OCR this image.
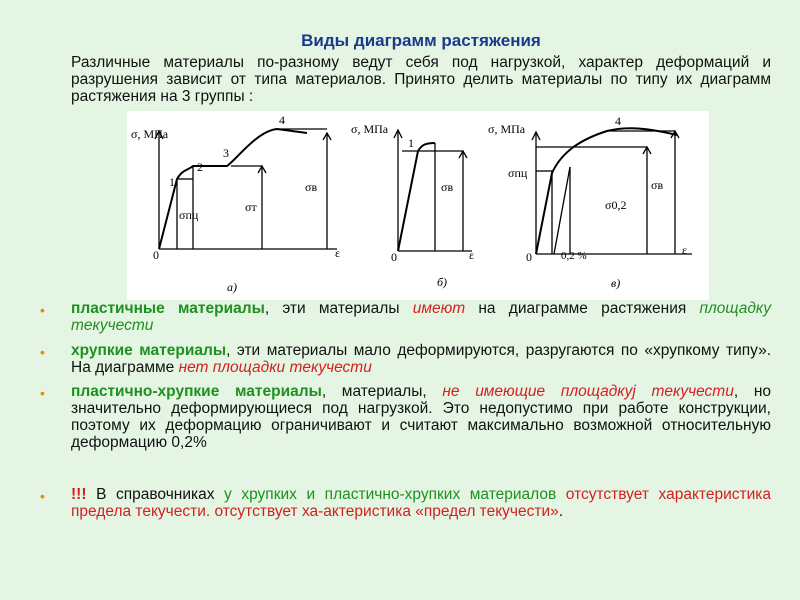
Виды диаграмм растяжения
Различные материалы по-разному ведут себя под нагрузкой, характер деформаций и разрушения зависит от типа материалов. Принято делить материалы по типу их диаграмм растяжения на 3 группы :
σ, МПа
0	ε
1
2
3
4
σпц
σт
σв
а)
σ, МПа
0	ε
1
σв
б)
σ, МПа
0	0,2 %	ε
4
σпц
σ0,2
σв
в)
• пластичные материалы, эти материалы имеют на диаграмме растяжения площадку текучести
• хрупкие материалы, эти материалы мало деформируются, разругаются по «хрупкому типу». На диаграмме нет площадки текучести
• пластично-хрупкие материалы, материалы, не имеющие площадкуј текучести, но значительно деформирующиеся под нагрузкой. Это недопустимо при работе конструкции, поэтому их деформацию ограничивают и считают максимально возможной относительную деформацию 0,2%
• !!! В справочниках у хрупких и пластично-хрупких материалов отсутствует характеристика предела текучести. отсутствует ха-актеристика «предел текучести».
